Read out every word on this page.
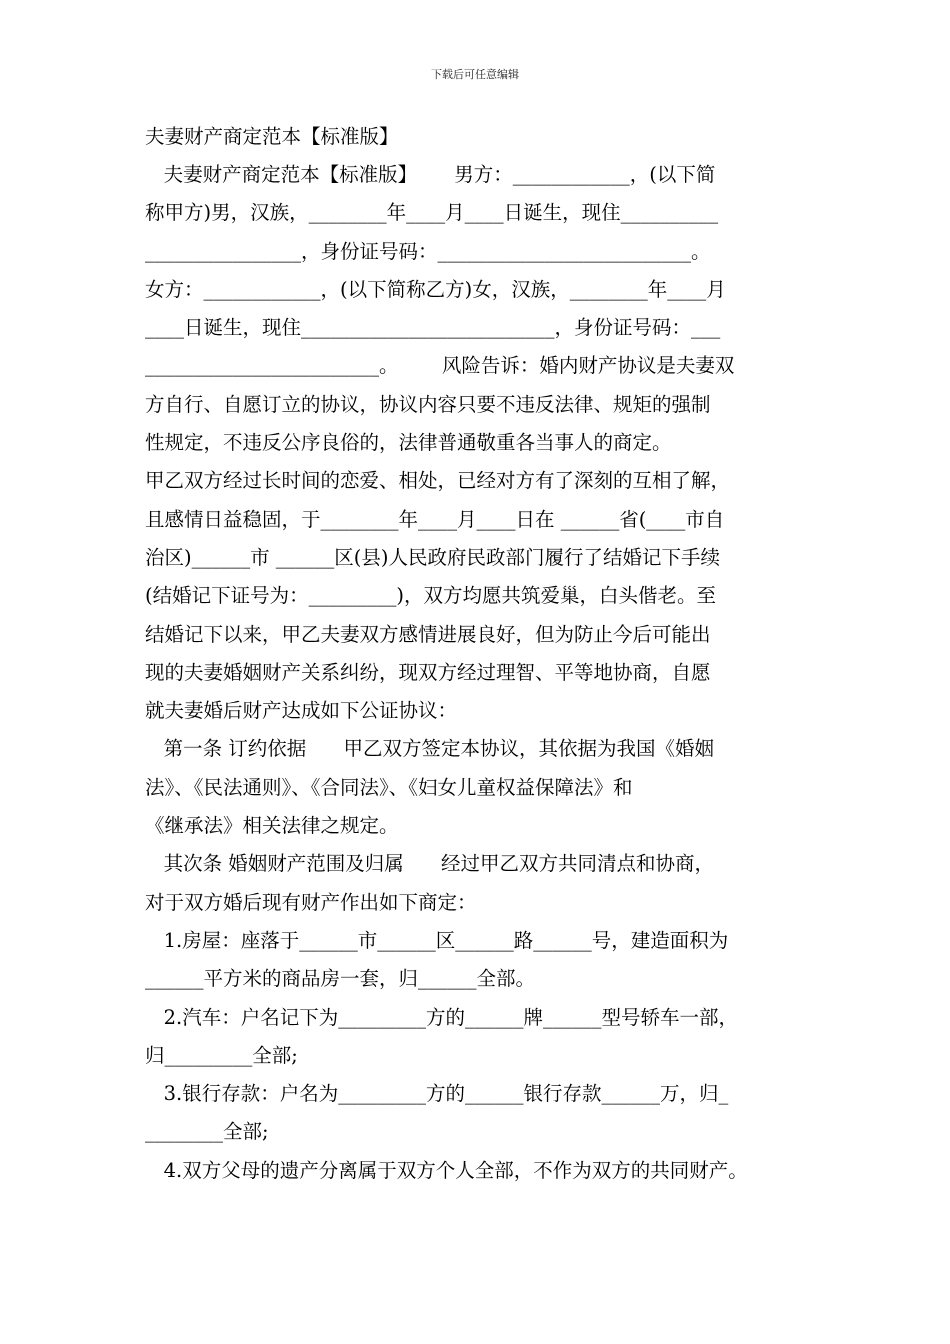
下载后可任意编辑

夫妻财产商定范本【标准版】

夫妻财产商定范本【标准版】      男方：____________，(以下简

称甲方)男，汉族，________年____月____日诞生，现住__________

________________，身份证号码：__________________________。

女方：____________，(以下简称乙方)女，汉族，________年____月

____日诞生，现住__________________________，身份证号码：___

________________________。       风险告诉：婚内财产协议是夫妻双

方自行、自愿订立的协议，协议内容只要不违反法律、规矩的强制

性规定，不违反公序良俗的，法律普通敬重各当事人的商定。

甲乙双方经过长时间的恋爱、相处，已经对方有了深刻的互相了解，

且感情日益稳固，于________年____月____日在 ______省(____市自

治区)______市 ______区(县)人民政府民政部门履行了结婚记下手续

(结婚记下证号为：_________)，双方均愿共筑爱巢，白头偕老。至

结婚记下以来，甲乙夫妻双方感情进展良好，但为防止今后可能出

现的夫妻婚姻财产关系纠纷，现双方经过理智、平等地协商，自愿

就夫妻婚后财产达成如下公证协议：

第一条 订约依据      甲乙双方签定本协议，其依据为我国《婚姻

法》、《民法通则》、《合同法》、《妇女儿童权益保障法》和

《继承法》相关法律之规定。

其次条 婚姻财产范围及归属      经过甲乙双方共同清点和协商，

对于双方婚后现有财产作出如下商定：

1.房屋：座落于______市______区______路______号，建造面积为

______平方米的商品房一套，归______全部。

2.汽车：户名记下为_________方的______牌______型号轿车一部，

归_________全部;

3.银行存款：户名为_________方的______银行存款______万，归_

________全部;

4.双方父母的遗产分离属于双方个人全部，不作为双方的共同财产。
